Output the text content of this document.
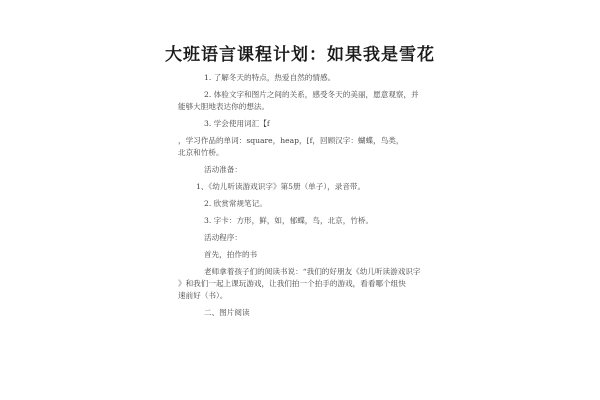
大班语言课程计划：如果我是雪花
1. 了解冬天的特点，热爱自然的情感。
2. 体验文字和图片之间的关系，感受冬天的美丽，愿意观察，并
能够大胆地表达你的想法。
3. 学会使用词汇【f
，学习作品的单词：square，heap，[f，回顾汉字：蝴蝶，鸟类，
北京和竹桥。
活动准备：
1、《幼儿听读游戏识字》第5册（单子），录音带。
2. 欣赏常规笔记。
3. 字卡：方形，鲜，如，郁蝶，鸟，北京，竹桥。
活动程序：
首先，拍作的书
老师拿着孩子们的阅读书说：“我们的好朋友《幼儿听读游戏识字
》和我们一起上课玩游戏，让我们拍一个拍手的游戏，看看哪个组快
速前好（书）。
二、图片阅读
